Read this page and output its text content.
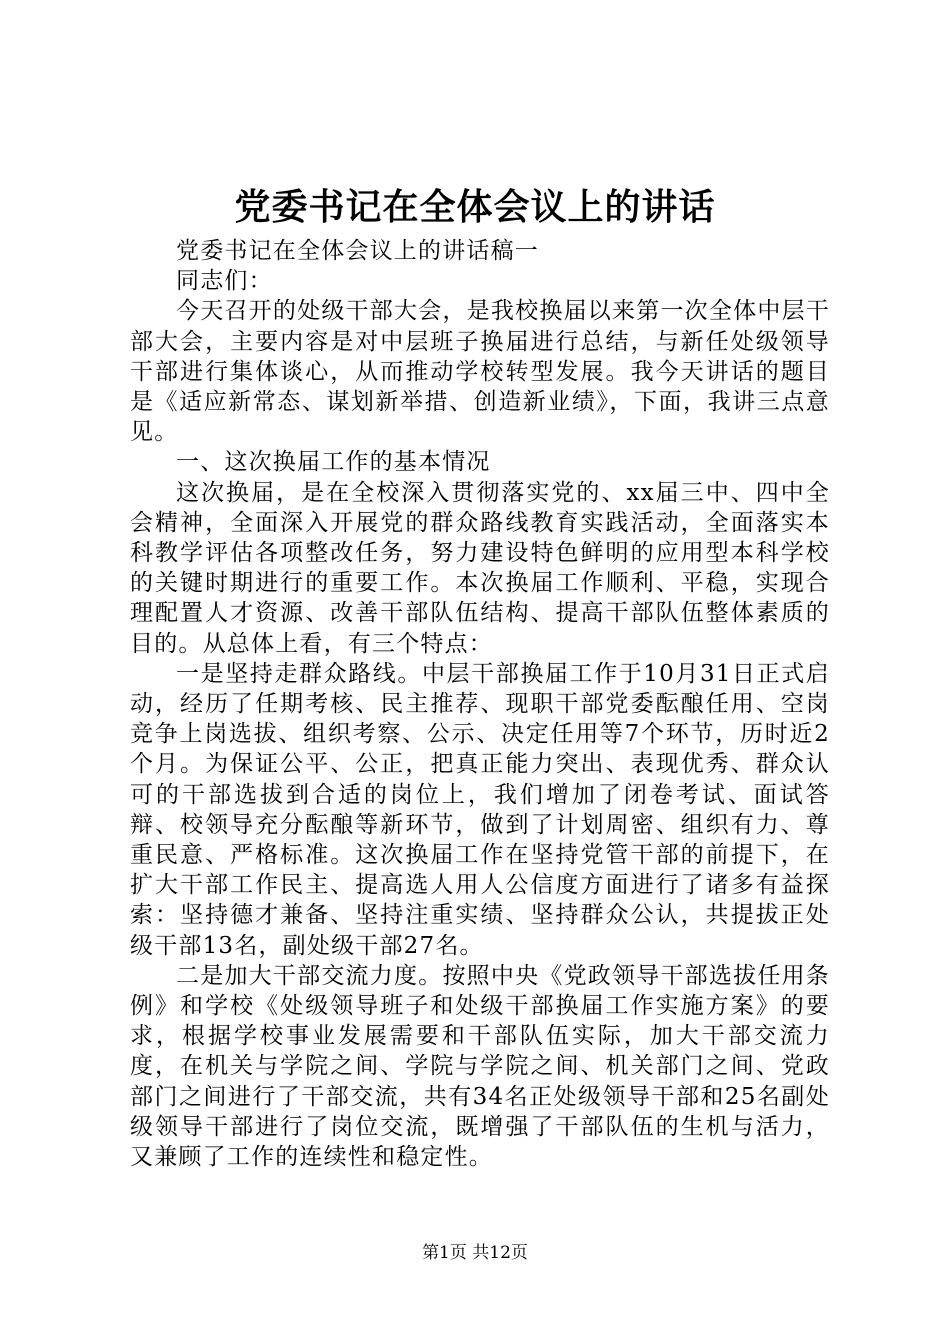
党委书记在全体会议上的讲话

党委书记在全体会议上的讲话稿一

同志们：

今天召开的处级干部大会，是我校换届以来第一次全体中层干部大会，主要内容是对中层班子换届进行总结，与新任处级领导干部进行集体谈心，从而推动学校转型发展。我今天讲话的题目是《适应新常态、谋划新举措、创造新业绩》，下面，我讲三点意见。

一、这次换届工作的基本情况

这次换届，是在全校深入贯彻落实党的、xx届三中、四中全会精神，全面深入开展党的群众路线教育实践活动，全面落实本科教学评估各项整改任务，努力建设特色鲜明的应用型本科学校的关键时期进行的重要工作。本次换届工作顺利、平稳，实现合理配置人才资源、改善干部队伍结构、提高干部队伍整体素质的目的。从总体上看，有三个特点：

一是坚持走群众路线。中层干部换届工作于10月31日正式启动，经历了任期考核、民主推荐、现职干部党委酝酿任用、空岗竞争上岗选拔、组织考察、公示、决定任用等7个环节，历时近2个月。为保证公平、公正，把真正能力突出、表现优秀、群众认可的干部选拔到合适的岗位上，我们增加了闭卷考试、面试答辩、校领导充分酝酿等新环节，做到了计划周密、组织有力、尊重民意、严格标准。这次换届工作在坚持党管干部的前提下，在扩大干部工作民主、提高选人用人公信度方面进行了诸多有益探索：坚持德才兼备、坚持注重实绩、坚持群众公认，共提拔正处级干部13名，副处级干部27名。

二是加大干部交流力度。按照中央《党政领导干部选拔任用条例》和学校《处级领导班子和处级干部换届工作实施方案》的要求，根据学校事业发展需要和干部队伍实际，加大干部交流力度，在机关与学院之间、学院与学院之间、机关部门之间、党政部门之间进行了干部交流，共有34名正处级领导干部和25名副处级领导干部进行了岗位交流，既增强了干部队伍的生机与活力，又兼顾了工作的连续性和稳定性。

第1页 共12页
